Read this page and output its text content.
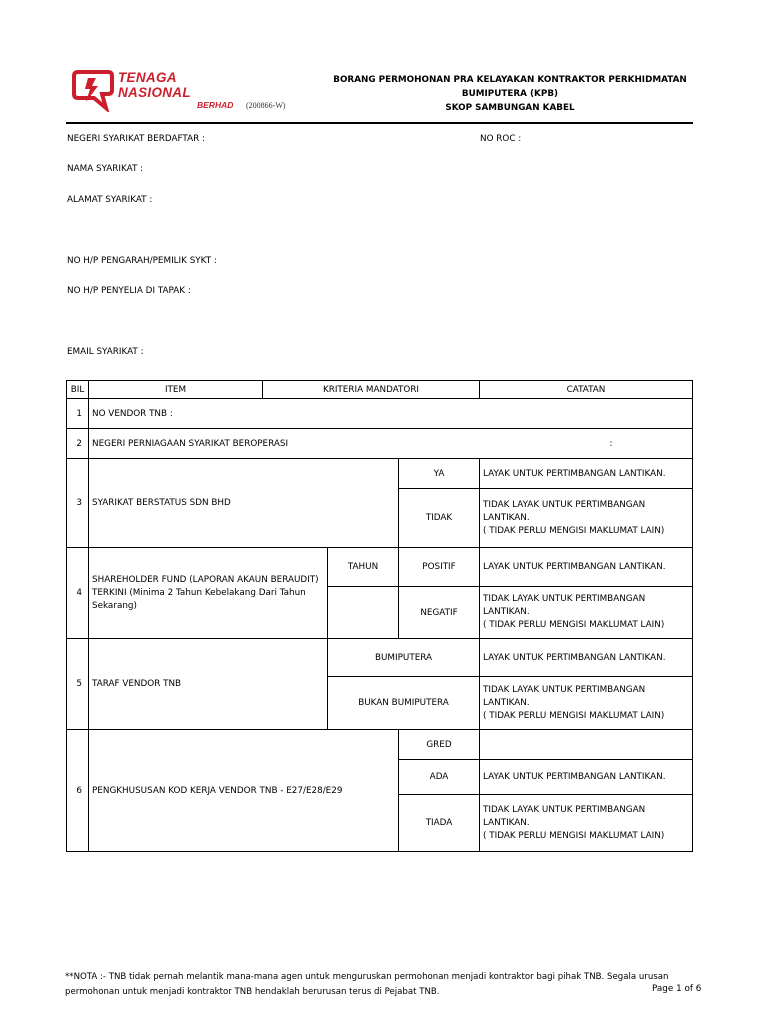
TENAGA
NASIONAL
BERHAD (200866-W)
BORANG PERMOHONAN PRA KELAYAKAN KONTRAKTOR PERKHIDMATAN
BUMIPUTERA (KPB)
SKOP SAMBUNGAN KABEL
NEGERI SYARIKAT BERDAFTAR :	NO ROC :
NAMA SYARIKAT :
ALAMAT SYARIKAT :
NO H/P PENGARAH/PEMILIK SYKT :
NO H/P PENYELIA DI TAPAK :
EMAIL SYARIKAT :
BIL	ITEM	KRITERIA MANDATORI			CATATAN
1	NO VENDOR TNB :				
2	NEGERI PERNIAGAAN SYARIKAT BEROPERASI :				

3	SYARIKAT BERSTATUS SDN BHD			YA	LAYAK UNTUK PERTIMBANGAN LANTIKAN.
				TIDAK	TIDAK LAYAK UNTUK PERTIMBANGAN
LANTIKAN.
( TIDAK PERLU MENGISI MAKLUMAT LAIN)

4	SHAREHOLDER FUND (LAPORAN AKAUN BERAUDIT)
TERKINI (Minima 2 Tahun Kebelakang Dari Tahun
Sekarang)		TAHUN	POSITIF	LAYAK UNTUK PERTIMBANGAN LANTIKAN.
				NEGATIF	TIDAK LAYAK UNTUK PERTIMBANGAN
LANTIKAN.
( TIDAK PERLU MENGISI MAKLUMAT LAIN)

5	TARAF VENDOR TNB		BUMIPUTERA		LAYAK UNTUK PERTIMBANGAN LANTIKAN.
			BUKAN BUMIPUTERA		TIDAK LAYAK UNTUK PERTIMBANGAN
LANTIKAN.
( TIDAK PERLU MENGISI MAKLUMAT LAIN)

6	PENGKHUSUSAN KOD KERJA VENDOR TNB - E27/E28/E29			GRED	
				ADA	LAYAK UNTUK PERTIMBANGAN LANTIKAN.
				TIADA	TIDAK LAYAK UNTUK PERTIMBANGAN
LANTIKAN.
( TIDAK PERLU MENGISI MAKLUMAT LAIN)
**NOTA :- TNB tidak pernah melantik mana-mana agen untuk menguruskan permohonan menjadi kontraktor bagi pihak TNB. Segala urusan
permohonan untuk menjadi kontraktor TNB hendaklah berurusan terus di Pejabat TNB.	Page 1 of 6
